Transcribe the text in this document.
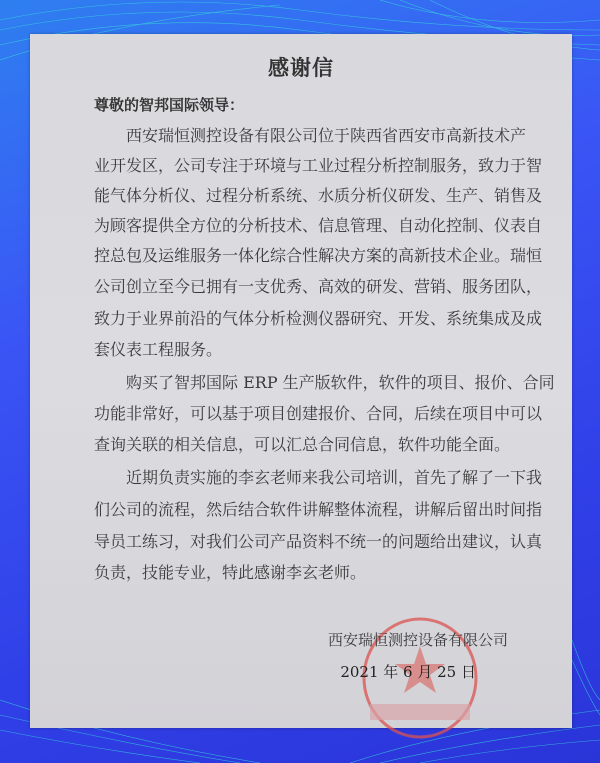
感谢信
尊敬的智邦国际领导：
　　西安瑞恒测控设备有限公司位于陕西省西安市高新技术产
业开发区，公司专注于环境与工业过程分析控制服务，致力于智
能气体分析仪、过程分析系统、水质分析仪研发、生产、销售及
为顾客提供全方位的分析技术、信息管理、自动化控制、仪表自
控总包及运维服务一体化综合性解决方案的高新技术企业。瑞恒
公司创立至今已拥有一支优秀、高效的研发、营销、服务团队，
致力于业界前沿的气体分析检测仪器研究、开发、系统集成及成
套仪表工程服务。
　　购买了智邦国际 ERP 生产版软件，软件的项目、报价、合同
功能非常好，可以基于项目创建报价、合同，后续在项目中可以
查询关联的相关信息，可以汇总合同信息，软件功能全面。
　　近期负责实施的李玄老师来我公司培训，首先了解了一下我
们公司的流程，然后结合软件讲解整体流程，讲解后留出时间指
导员工练习，对我们公司产品资料不统一的问题给出建议，认真
负责，技能专业，特此感谢李玄老师。
西安瑞恒测控设备有限公司
2021 年 6 月 25 日
